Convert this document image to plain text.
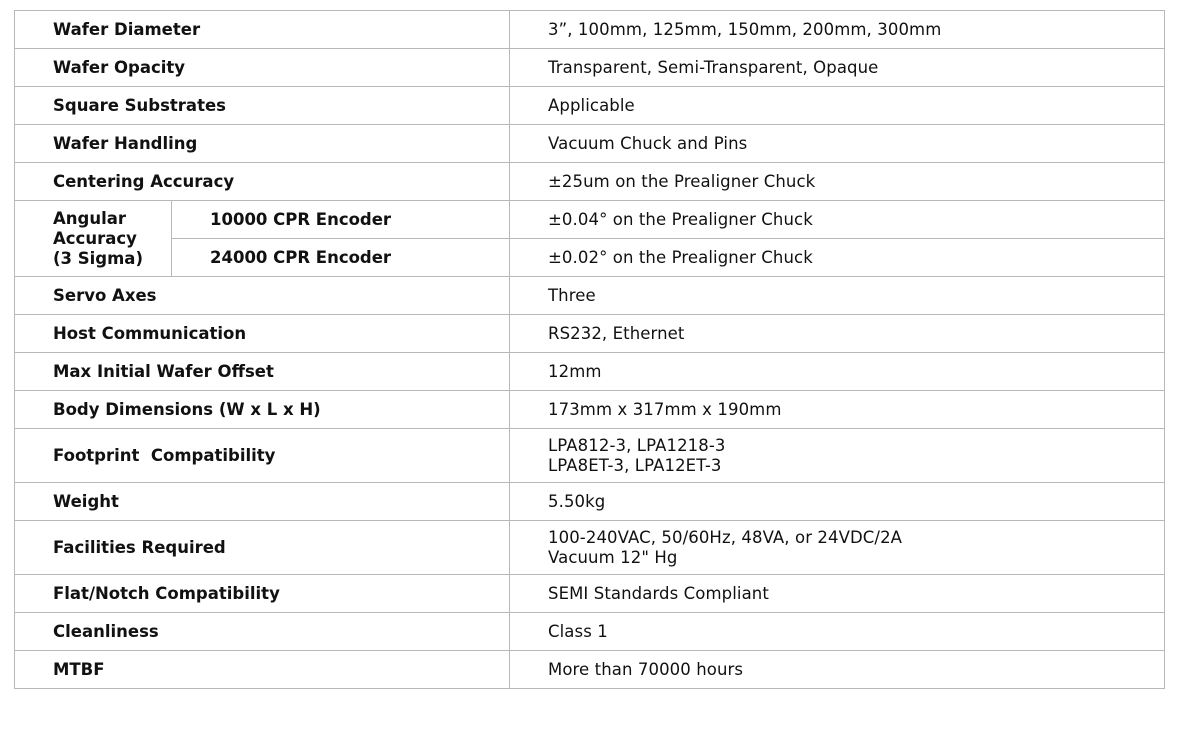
Wafer Diameter		3”, 100mm, 125mm, 150mm, 200mm, 300mm
Wafer Opacity		Transparent, Semi-Transparent, Opaque
Square Substrates		Applicable
Wafer Handling		Vacuum Chuck and Pins
Centering Accuracy		±25um on the Prealigner Chuck

Angular
Accuracy
(3 Sigma)	10000 CPR Encoder	±0.04° on the Prealigner Chuck
	24000 CPR Encoder	±0.02° on the Prealigner Chuck
Servo Axes		Three
Host Communication		RS232, Ethernet
Max Initial Wafer Offset		12mm
Body Dimensions (W x L x H)		173mm x 317mm x 190mm
Footprint  Compatibility		LPA812-3, LPA1218-3
LPA8ET-3, LPA12ET-3

Weight		5.50kg
Facilities Required		100-240VAC, 50/60Hz, 48VA, or 24VDC/2A
Vacuum 12" Hg

Flat/Notch Compatibility		SEMI Standards Compliant
Cleanliness		Class 1
MTBF		More than 70000 hours
